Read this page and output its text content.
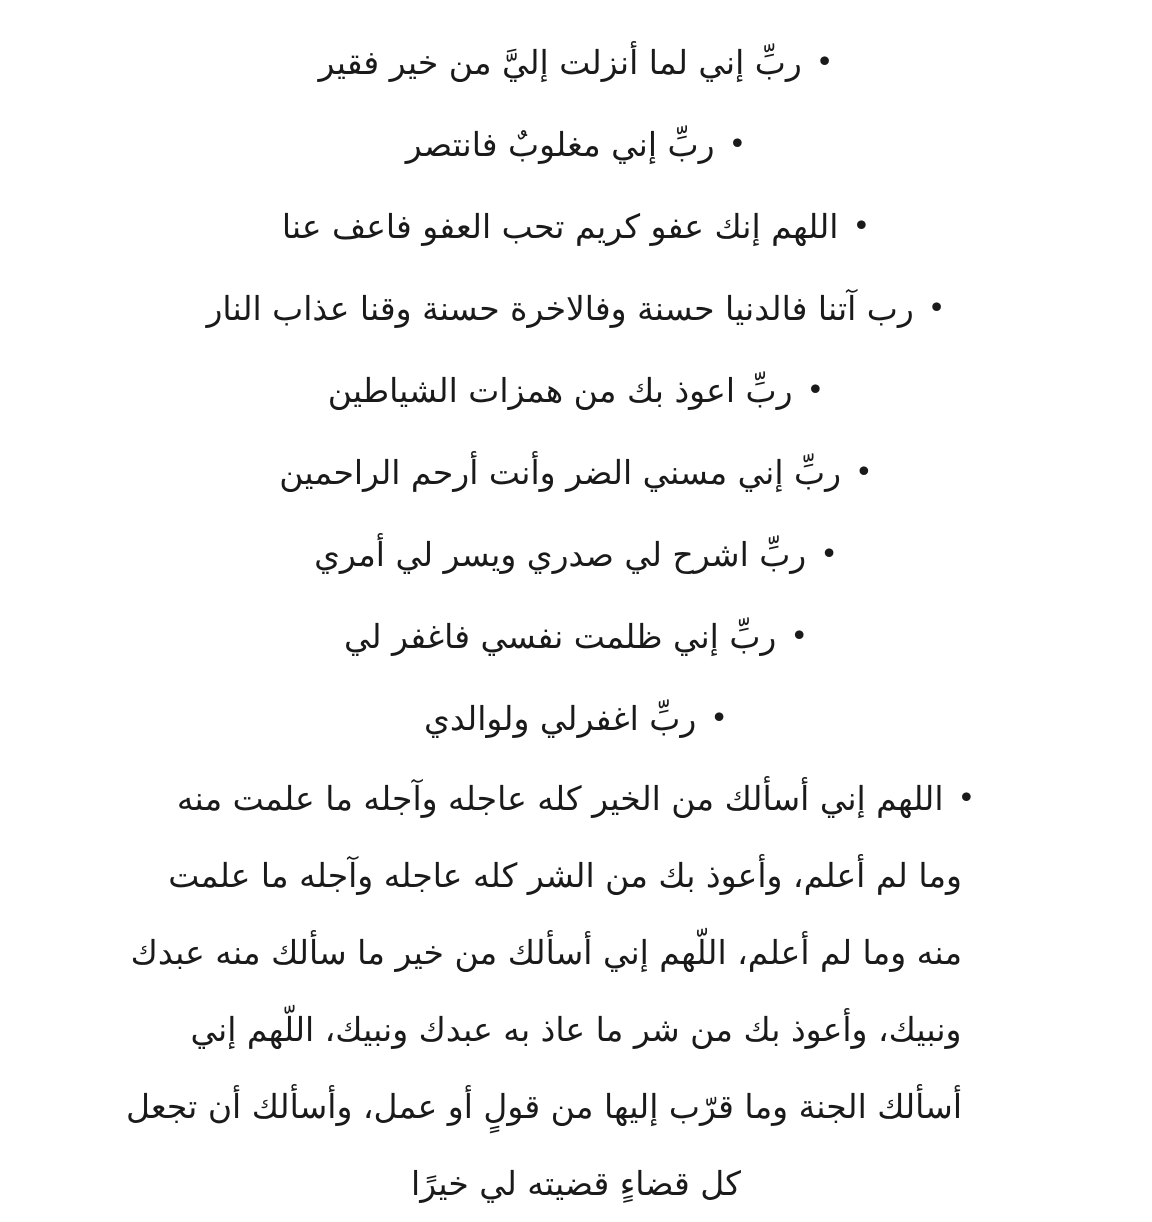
•
ربِّ إني لما أنزلت إليَّ من خير فقير
•
ربِّ إني مغلوبٌ فانتصر
•
اللهم إنك عفو كريم تحب العفو فاعف عنا
•
رب آتنا فالدنيا حسنة وفالاخرة حسنة وقنا عذاب النار
•
ربِّ اعوذ بك من همزات الشياطين
•
ربِّ إني مسني الضر وأنت أرحم الراحمين
•
ربِّ اشرح لي صدري ويسر لي أمري
•
ربِّ إني ظلمت نفسي فاغفر لي
•
ربِّ اغفرلي ولوالدي
•
اللهم إني أسألك من الخير كله عاجله وآجله ما علمت منه
وما لم أعلم، وأعوذ بك من الشر كله عاجله وآجله ما علمت
منه وما لم أعلم، اللّهم إني أسألك من خير ما سألك منه عبدك
ونبيك، وأعوذ بك من شر ما عاذ به عبدك ونبيك، اللّهم إني
أسألك الجنة وما قرّب إليها من قولٍ أو عمل، وأسألك أن تجعل
كل قضاءٍ قضيته لي خيرًا
